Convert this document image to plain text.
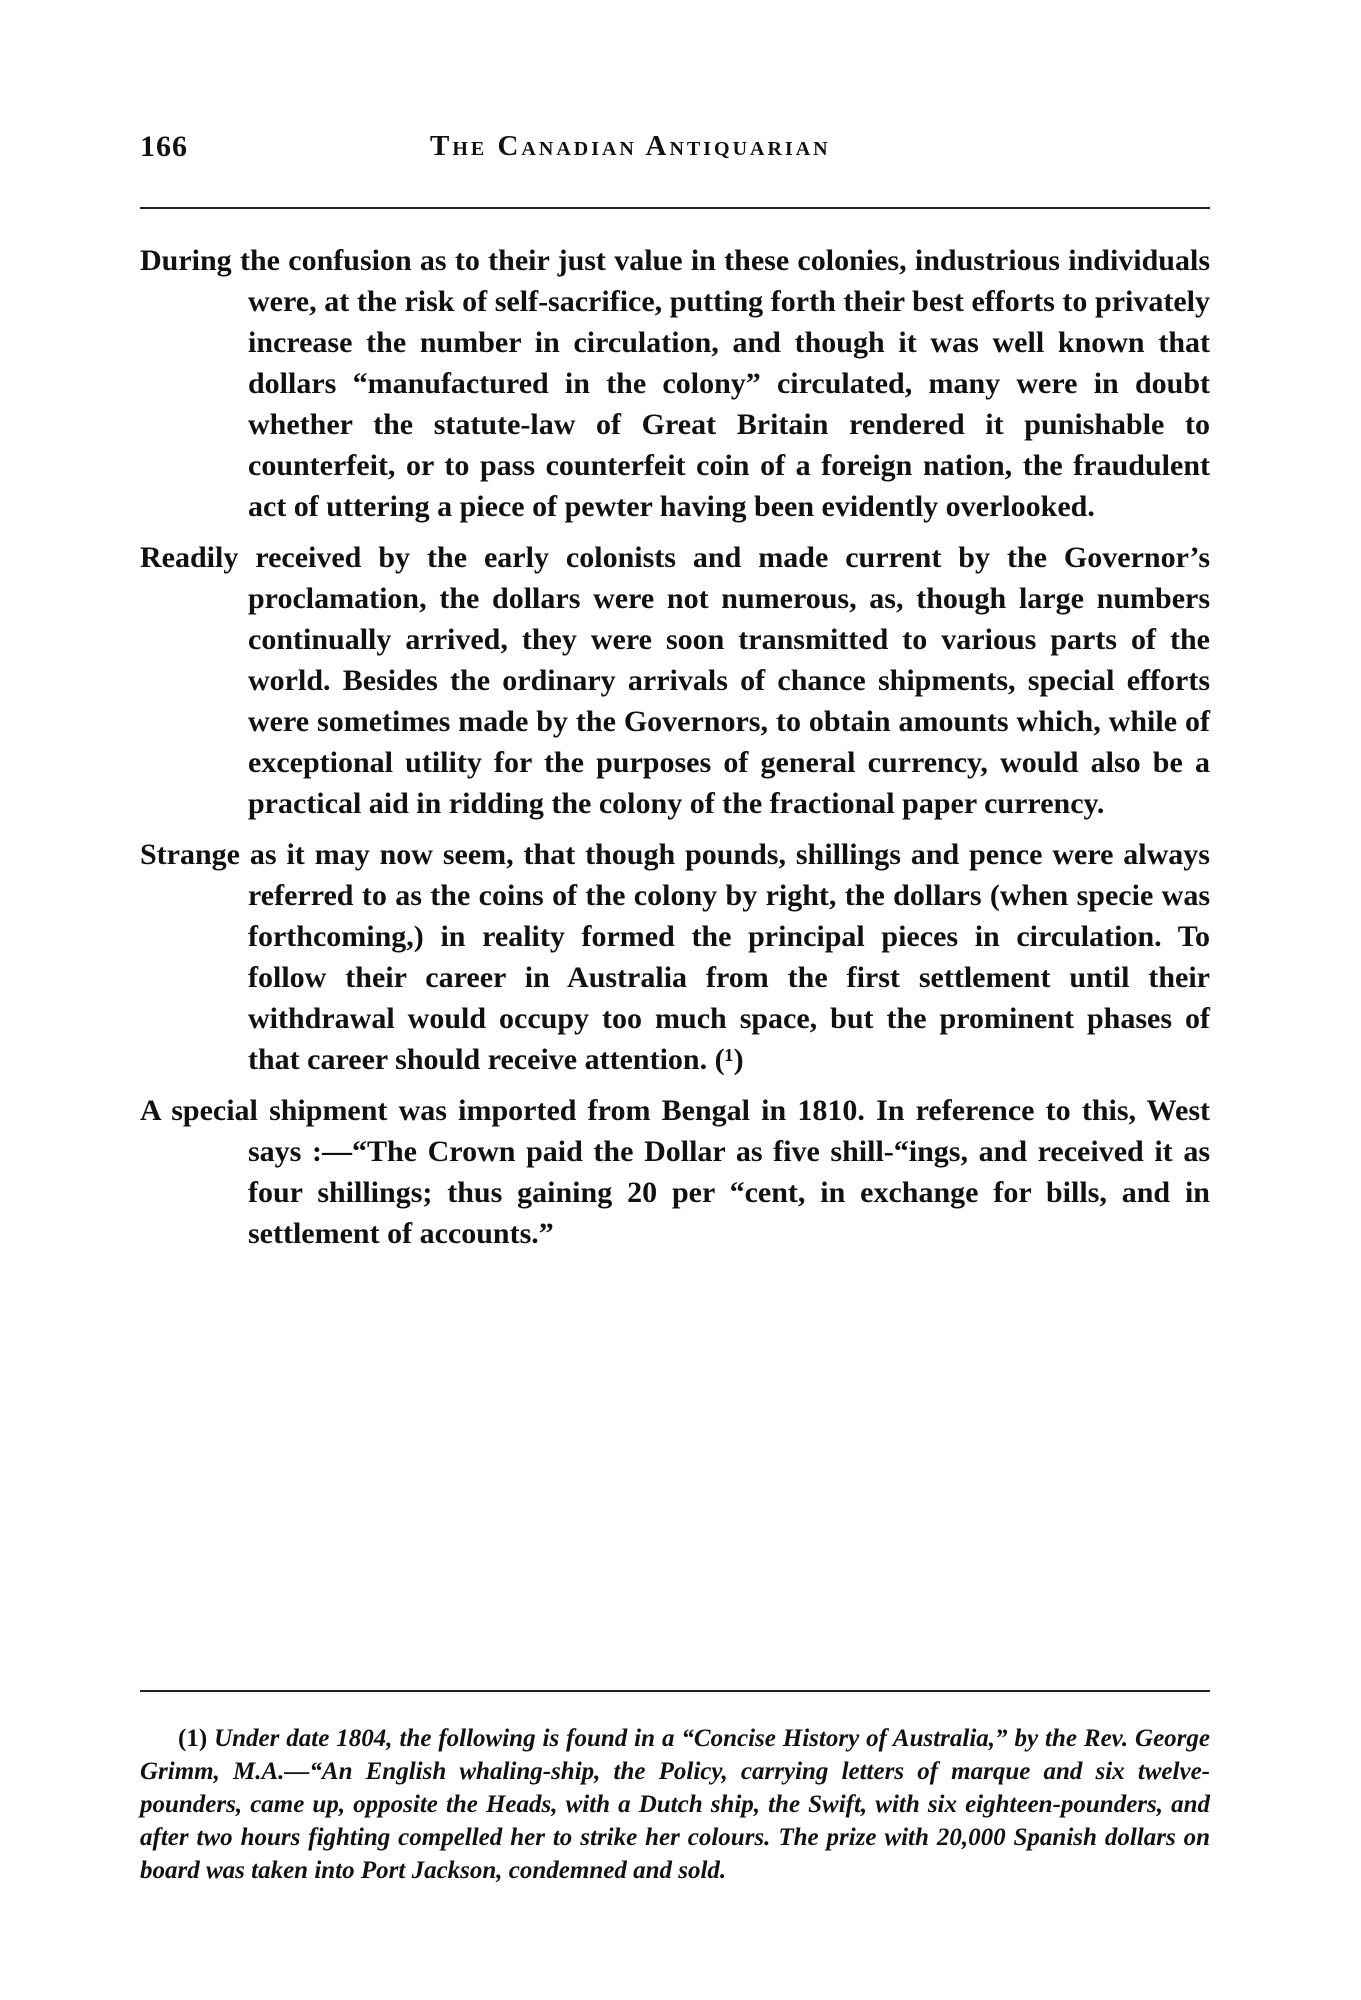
166	The Canadian Antiquarian

During the confusion as to their just value in these colonies, industrious individuals were, at the risk of self-sacrifice, putting forth their best efforts to privately increase the number in circulation, and though it was well known that dollars “manufactured in the colony” circulated, many were in doubt whether the statute-law of Great Britain rendered it punishable to counterfeit, or to pass counterfeit coin of a foreign nation, the fraudulent act of uttering a piece of pewter having been evidently overlooked.

Readily received by the early colonists and made current by the Governor’s proclamation, the dollars were not numerous, as, though large numbers continually arrived, they were soon transmitted to various parts of the world. Besides the ordinary arrivals of chance shipments, special efforts were sometimes made by the Governors, to obtain amounts which, while of exceptional utility for the purposes of general currency, would also be a practical aid in ridding the colony of the fractional paper currency.

Strange as it may now seem, that though pounds, shillings and pence were always referred to as the coins of the colony by right, the dollars (when specie was forthcoming,) in reality formed the principal pieces in circulation. To follow their career in Australia from the first settlement until their withdrawal would occupy too much space, but the prominent phases of that career should receive attention. (¹)

A special shipment was imported from Bengal in 1810. In reference to this, West says :—“The Crown paid the Dollar as five shill-“ings, and received it as four shillings; thus gaining 20 per “cent, in exchange for bills, and in settlement of accounts.”

(1) Under date 1804, the following is found in a “Concise History of Australia,” by the Rev. George Grimm, M.A.—“An English whaling-ship, the Policy, carrying letters of marque and six twelve-pounders, came up, opposite the Heads, with a Dutch ship, the Swift, with six eighteen-pounders, and after two hours fighting compelled her to strike her colours. The prize with 20,000 Spanish dollars on board was taken into Port Jackson, condemned and sold.
